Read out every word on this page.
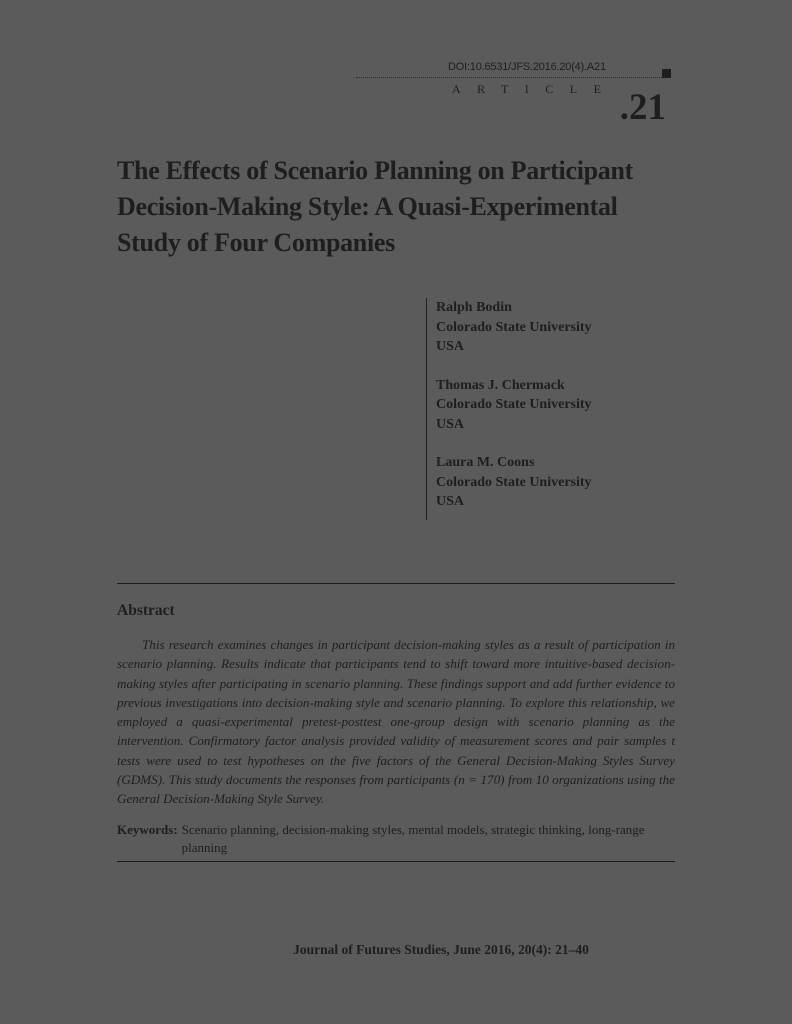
DOI:10.6531/JFS.2016.20(4).A21
ARTICLE .21
The Effects of Scenario Planning on Participant
Decision-Making Style: A Quasi-Experimental
Study of Four Companies
Ralph Bodin
Colorado State University
USA
Thomas J. Chermack
Colorado State University
USA
Laura M. Coons
Colorado State University
USA
Abstract

This research examines changes in participant decision-making styles as a result of participation in scenario planning. Results indicate that participants tend to shift toward more intuitive-based decision-making styles after participating in scenario planning. These findings support and add further evidence to previous investigations into decision-making style and scenario planning. To explore this relationship, we employed a quasi-experimental pretest-posttest one-group design with scenario planning as the intervention. Confirmatory factor analysis provided validity of measurement scores and pair samples t tests were used to test hypotheses on the five factors of the General Decision-Making Styles Survey (GDMS). This study documents the responses from participants (n = 170) from 10 organizations using the General Decision-Making Style Survey.

Keywords: Scenario planning, decision-making styles, mental models, strategic thinking, long-range planning
Journal of Futures Studies, June 2016, 20(4): 21–40
